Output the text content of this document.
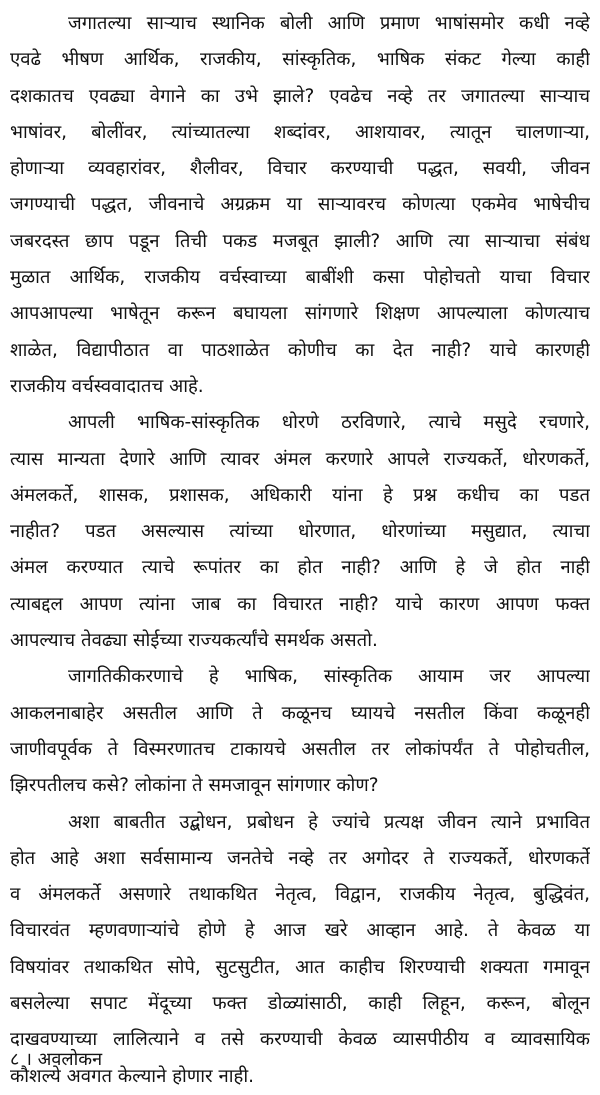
जगातल्या साऱ्याच स्थानिक बोली आणि प्रमाण भाषांसमोर कधी नव्हे
एवढे भीषण आर्थिक, राजकीय, सांस्कृतिक, भाषिक संकट गेल्या काही
दशकातच एवढ्या वेगाने का उभे झाले? एवढेच नव्हे तर जगातल्या साऱ्याच
भाषांवर, बोलींवर, त्यांच्यातल्या शब्दांवर, आशयावर, त्यातून चालणाऱ्या,
होणाऱ्या व्यवहारांवर, शैलीवर, विचार करण्याची पद्धत, सवयी, जीवन
जगण्याची पद्धत, जीवनाचे अग्रक्रम या साऱ्यावरच कोणत्या एकमेव भाषेचीच
जबरदस्त छाप पडून तिची पकड मजबूत झाली? आणि त्या साऱ्याचा संबंध
मुळात आर्थिक, राजकीय वर्चस्वाच्या बाबींशी कसा पोहोचतो याचा विचार
आपआपल्या भाषेतून करून बघायला सांगणारे शिक्षण आपल्याला कोणत्याच
शाळेत, विद्यापीठात वा पाठशाळेत कोणीच का देत नाही? याचे कारणही
राजकीय वर्चस्ववादातच आहे.
आपली भाषिक-सांस्कृतिक धोरणे ठरविणारे, त्याचे मसुदे रचणारे,
त्यास मान्यता देणारे आणि त्यावर अंमल करणारे आपले राज्यकर्ते, धोरणकर्ते,
अंमलकर्ते, शासक, प्रशासक, अधिकारी यांना हे प्रश्न कधीच का पडत
नाहीत? पडत असल्यास त्यांच्या धोरणात, धोरणांच्या मसुद्यात, त्याचा
अंमल करण्यात त्याचे रूपांतर का होत नाही? आणि हे जे होत नाही
त्याबद्दल आपण त्यांना जाब का विचारत नाही? याचे कारण आपण फक्त
आपल्याच तेवढ्या सोईच्या राज्यकर्त्यांचे समर्थक असतो.
जागतिकीकरणाचे हे भाषिक, सांस्कृतिक आयाम जर आपल्या
आकलनाबाहेर असतील आणि ते कळूनच घ्यायचे नसतील किंवा कळूनही
जाणीवपूर्वक ते विस्मरणातच टाकायचे असतील तर लोकांपर्यंत ते पोहोचतील,
झिरपतीलच कसे? लोकांना ते समजावून सांगणार कोण?
अशा बाबतीत उद्बोधन, प्रबोधन हे ज्यांचे प्रत्यक्ष जीवन त्याने प्रभावित
होत आहे अशा सर्वसामान्य जनतेचे नव्हे तर अगोदर ते राज्यकर्ते, धोरणकर्ते
व अंमलकर्ते असणारे तथाकथित नेतृत्व, विद्वान, राजकीय नेतृत्व, बुद्धिवंत,
विचारवंत म्हणवणाऱ्यांचे होणे हे आज खरे आव्हान आहे. ते केवळ या
विषयांवर तथाकथित सोपे, सुटसुटीत, आत काहीच शिरण्याची शक्यता गमावून
बसलेल्या सपाट मेंदूच्या फक्त डोळ्यांसाठी, काही लिहून, करून, बोलून
दाखवण्याच्या लालित्याने व तसे करण्याची केवळ व्यासपीठीय व व्यावसायिक
कौशल्ये अवगत केल्याने होणार नाही.
८ । अवलोकन
